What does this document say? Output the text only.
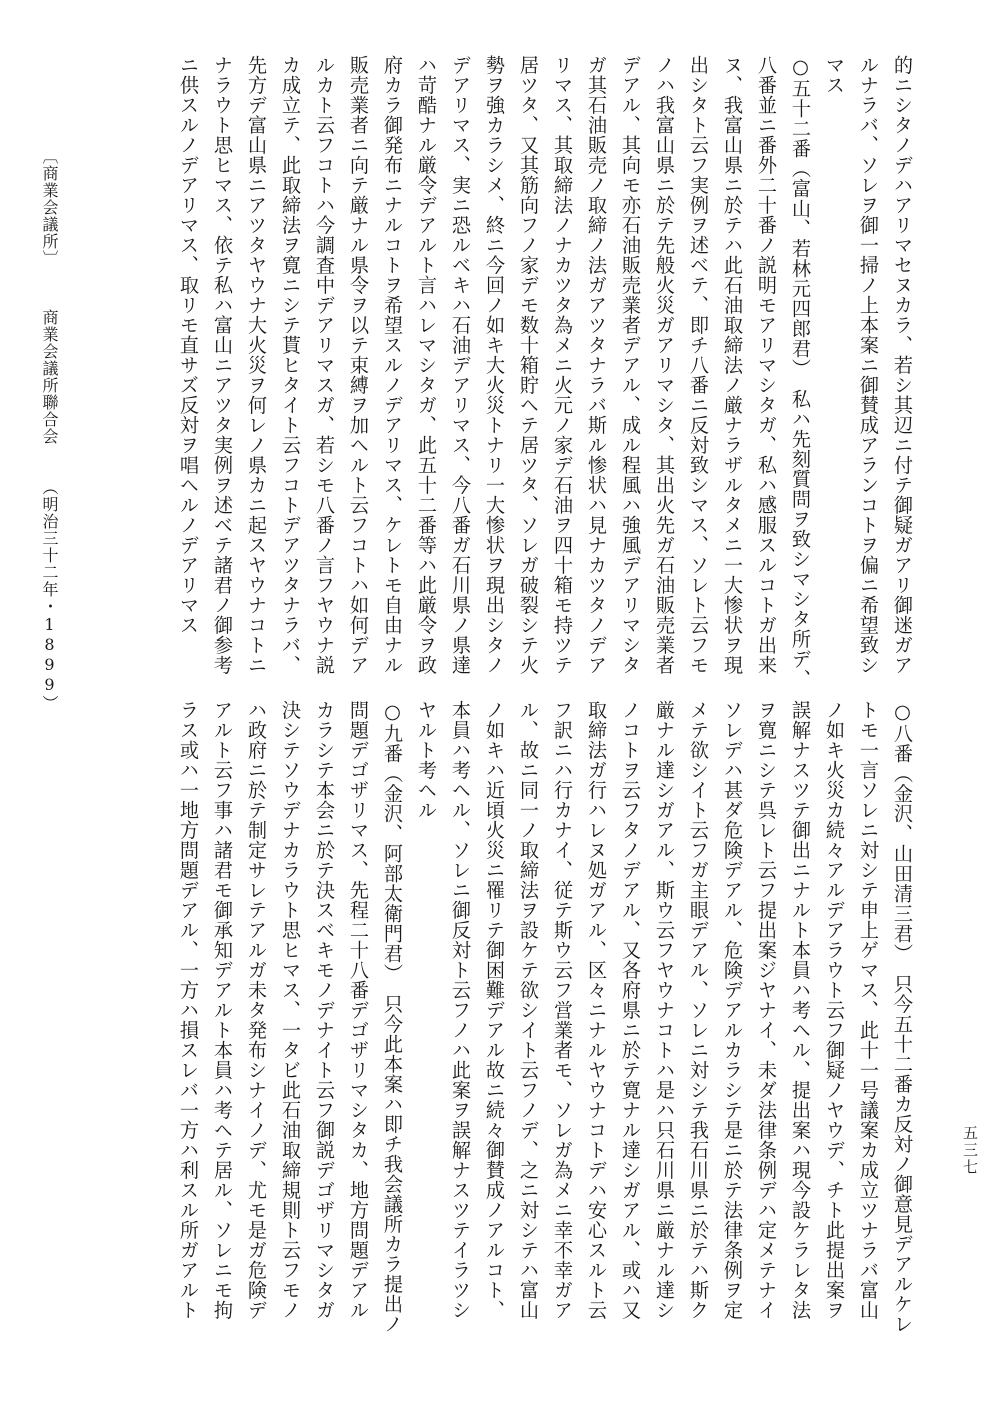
的ニシタノデハアリマセヌカラ、若シ其辺ニ付テ御疑ガアリ御迷ガア
ルナラバ、ソレヲ御一掃ノ上本案ニ御賛成アランコトヲ偏ニ希望致シ
マス
○五十二番（富山、若林元四郎君）　私ハ先刻質問ヲ致シマシタ所デ、
八番並ニ番外二十番ノ説明モアリマシタガ、私ハ感服スルコトガ出来
ヌ、我富山県ニ於テハ此石油取締法ノ厳ナラザルタメニ一大惨状ヲ現
出シタト云フ実例ヲ述ベテ、即チ八番ニ反対致シマス、ソレト云フモ
ノハ我富山県ニ於テ先般火災ガアリマシタ、其出火先ガ石油販売業者
デアル、其向モ亦石油販売業者デアル、成ル程風ハ強風デアリマシタ
ガ其石油販売ノ取締ノ法ガアツタナラバ斯ル惨状ハ見ナカツタノデア
リマス、其取締法ノナカツタ為メニ火元ノ家デ石油ヲ四十箱モ持ツテ
居ツタ、又其筋向フノ家デモ数十箱貯ヘテ居ツタ、ソレガ破裂シテ火
勢ヲ強カラシメ、終ニ今回ノ如キ大火災トナリ一大惨状ヲ現出シタノ
デアリマス、実ニ恐ルベキハ石油デアリマス、今八番ガ石川県ノ県達
ハ苛酷ナル厳令デアルト言ハレマシタガ、此五十二番等ハ此厳令ヲ政
府カラ御発布ニナルコトヲ希望スルノデアリマス、ケレトモ自由ナル
販売業者ニ向テ厳ナル県令ヲ以テ束縛ヲ加ヘルト云フコトハ如何デア
ルカト云フコトハ今調査中デアリマスガ、若シモ八番ノ言フヤウナ説
カ成立テ、此取締法ヲ寛ニシテ貰ヒタイト云フコトデアツタナラバ、
先方デ富山県ニアツタヤウナ大火災ヲ何レノ県カニ起スヤウナコトニ
ナラウト思ヒマス、依テ私ハ富山ニアツタ実例ヲ述ベテ諸君ノ御参考
ニ供スルノデアリマス、取リモ直サズ反対ヲ唱ヘルノデアリマス
○八番（金沢、山田清三君）　只今五十二番カ反対ノ御意見デアルケレ
トモ一言ソレニ対シテ申上ゲマス、此十一号議案カ成立ツナラバ富山
ノ如キ火災カ続々アルデアラウト云フ御疑ノヤウデ、チト此提出案ヲ
誤解ナスツテ御出ニナルト本員ハ考ヘル、提出案ハ現今設ケラレタ法
ヲ寛ニシテ呉レト云フ提出案ジヤナイ、未ダ法律条例デハ定メテナイ
ソレデハ甚ダ危険デアル、危険デアルカラシテ是ニ於テ法律条例ヲ定
メテ欲シイト云フガ主眼デアル、ソレニ対シテ我石川県ニ於テハ斯ク
厳ナル達シガアル、斯ウ云フヤウナコトハ是ハ只石川県ニ厳ナル達シ
ノコトヲ云フタノデアル、又各府県ニ於テ寛ナル達シガアル、或ハ又
取締法ガ行ハレヌ処ガアル、区々ニナルヤウナコトデハ安心スルト云
フ訳ニハ行カナイ、従テ斯ウ云フ営業者モ、ソレガ為メニ幸不幸ガア
ル、故ニ同一ノ取締法ヲ設ケテ欲シイト云フノデ、之ニ対シテハ富山
ノ如キハ近頃火災ニ罹リテ御困難デアル故ニ続々御賛成ノアルコト、
本員ハ考ヘル、ソレニ御反対ト云フノハ此案ヲ誤解ナスツテイラツシ
ヤルト考ヘル
○九番（金沢、阿部太衛門君）　只今此本案ハ即チ我会議所カラ提出ノ
問題デゴザリマス、先程二十八番デゴザリマシタカ、地方問題デアル
カラシテ本会ニ於テ決スベキモノデナイト云フ御説デゴザリマシタガ
決シテソウデナカラウト思ヒマス、一タビ此石油取締規則ト云フモノ
ハ政府ニ於テ制定サレテアルガ未タ発布シナイノデ、尤モ是ガ危険デ
アルト云フ事ハ諸君モ御承知デアルト本員ハ考ヘテ居ル、ソレニモ拘
ラス或ハ一地方問題デアル、一方ハ損スレバ一方ハ利スル所ガアルト	五三七
〔商業会議所〕 商業会議所聯合会 （明治三十二年・1899）
